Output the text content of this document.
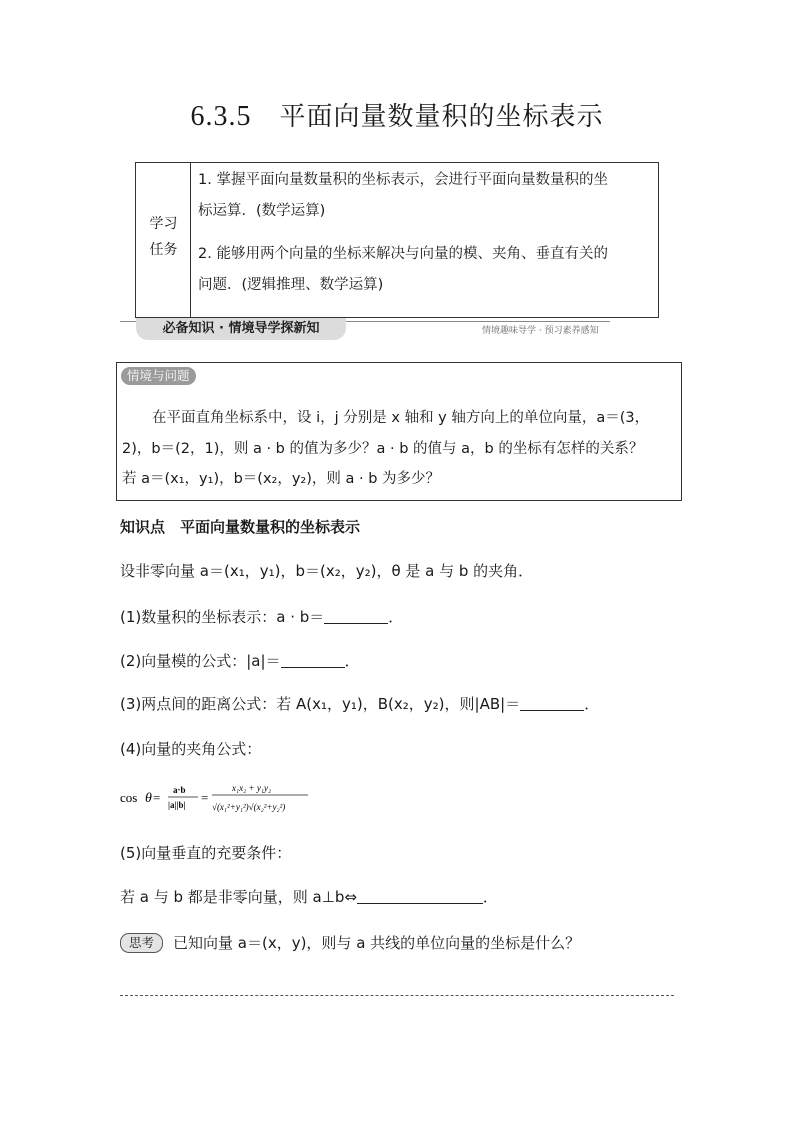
6.3.5 平面向量数量积的坐标表示
学习
任务
1. 掌握平面向量数量积的坐标表示，会进行平面向量数量积的坐
标运算．(数学运算)
2. 能够用两个向量的坐标来解决与向量的模、夹角、垂直有关的
问题．(逻辑推理、数学运算)
必备知识 · 情境导学探新知	情境趣味导学 · 预习素养感知
情境与问题
在平面直角坐标系中，设 i，j 分别是 x 轴和 y 轴方向上的单位向量，a＝(3，
2)，b＝(2，1)，则 a · b 的值为多少？a · b 的值与 a，b 的坐标有怎样的关系？
若 a＝(x₁，y₁)，b＝(x₂，y₂)，则 a · b 为多少？
知识点　平面向量数量积的坐标表示
设非零向量 a＝(x₁，y₁)，b＝(x₂，y₂)，θ 是 a 与 b 的夹角．
(1)数量积的坐标表示：a · b＝	．
(2)向量模的公式：|a|＝	．
(3)两点间的距离公式：若 A(x₁，y₁)，B(x₂，y₂)，则|AB|＝	．
(4)向量的夹角公式：
cos θ = a·b
|a||b| =
x₁x₂ + y₁y₂
√(x₁²+y₁²)√(x₂²+y₂²)
(5)向量垂直的充要条件：
若 a 与 b 都是非零向量，则 a⊥b⇔	．
思考 已知向量 a＝(x，y)，则与 a 共线的单位向量的坐标是什么？
